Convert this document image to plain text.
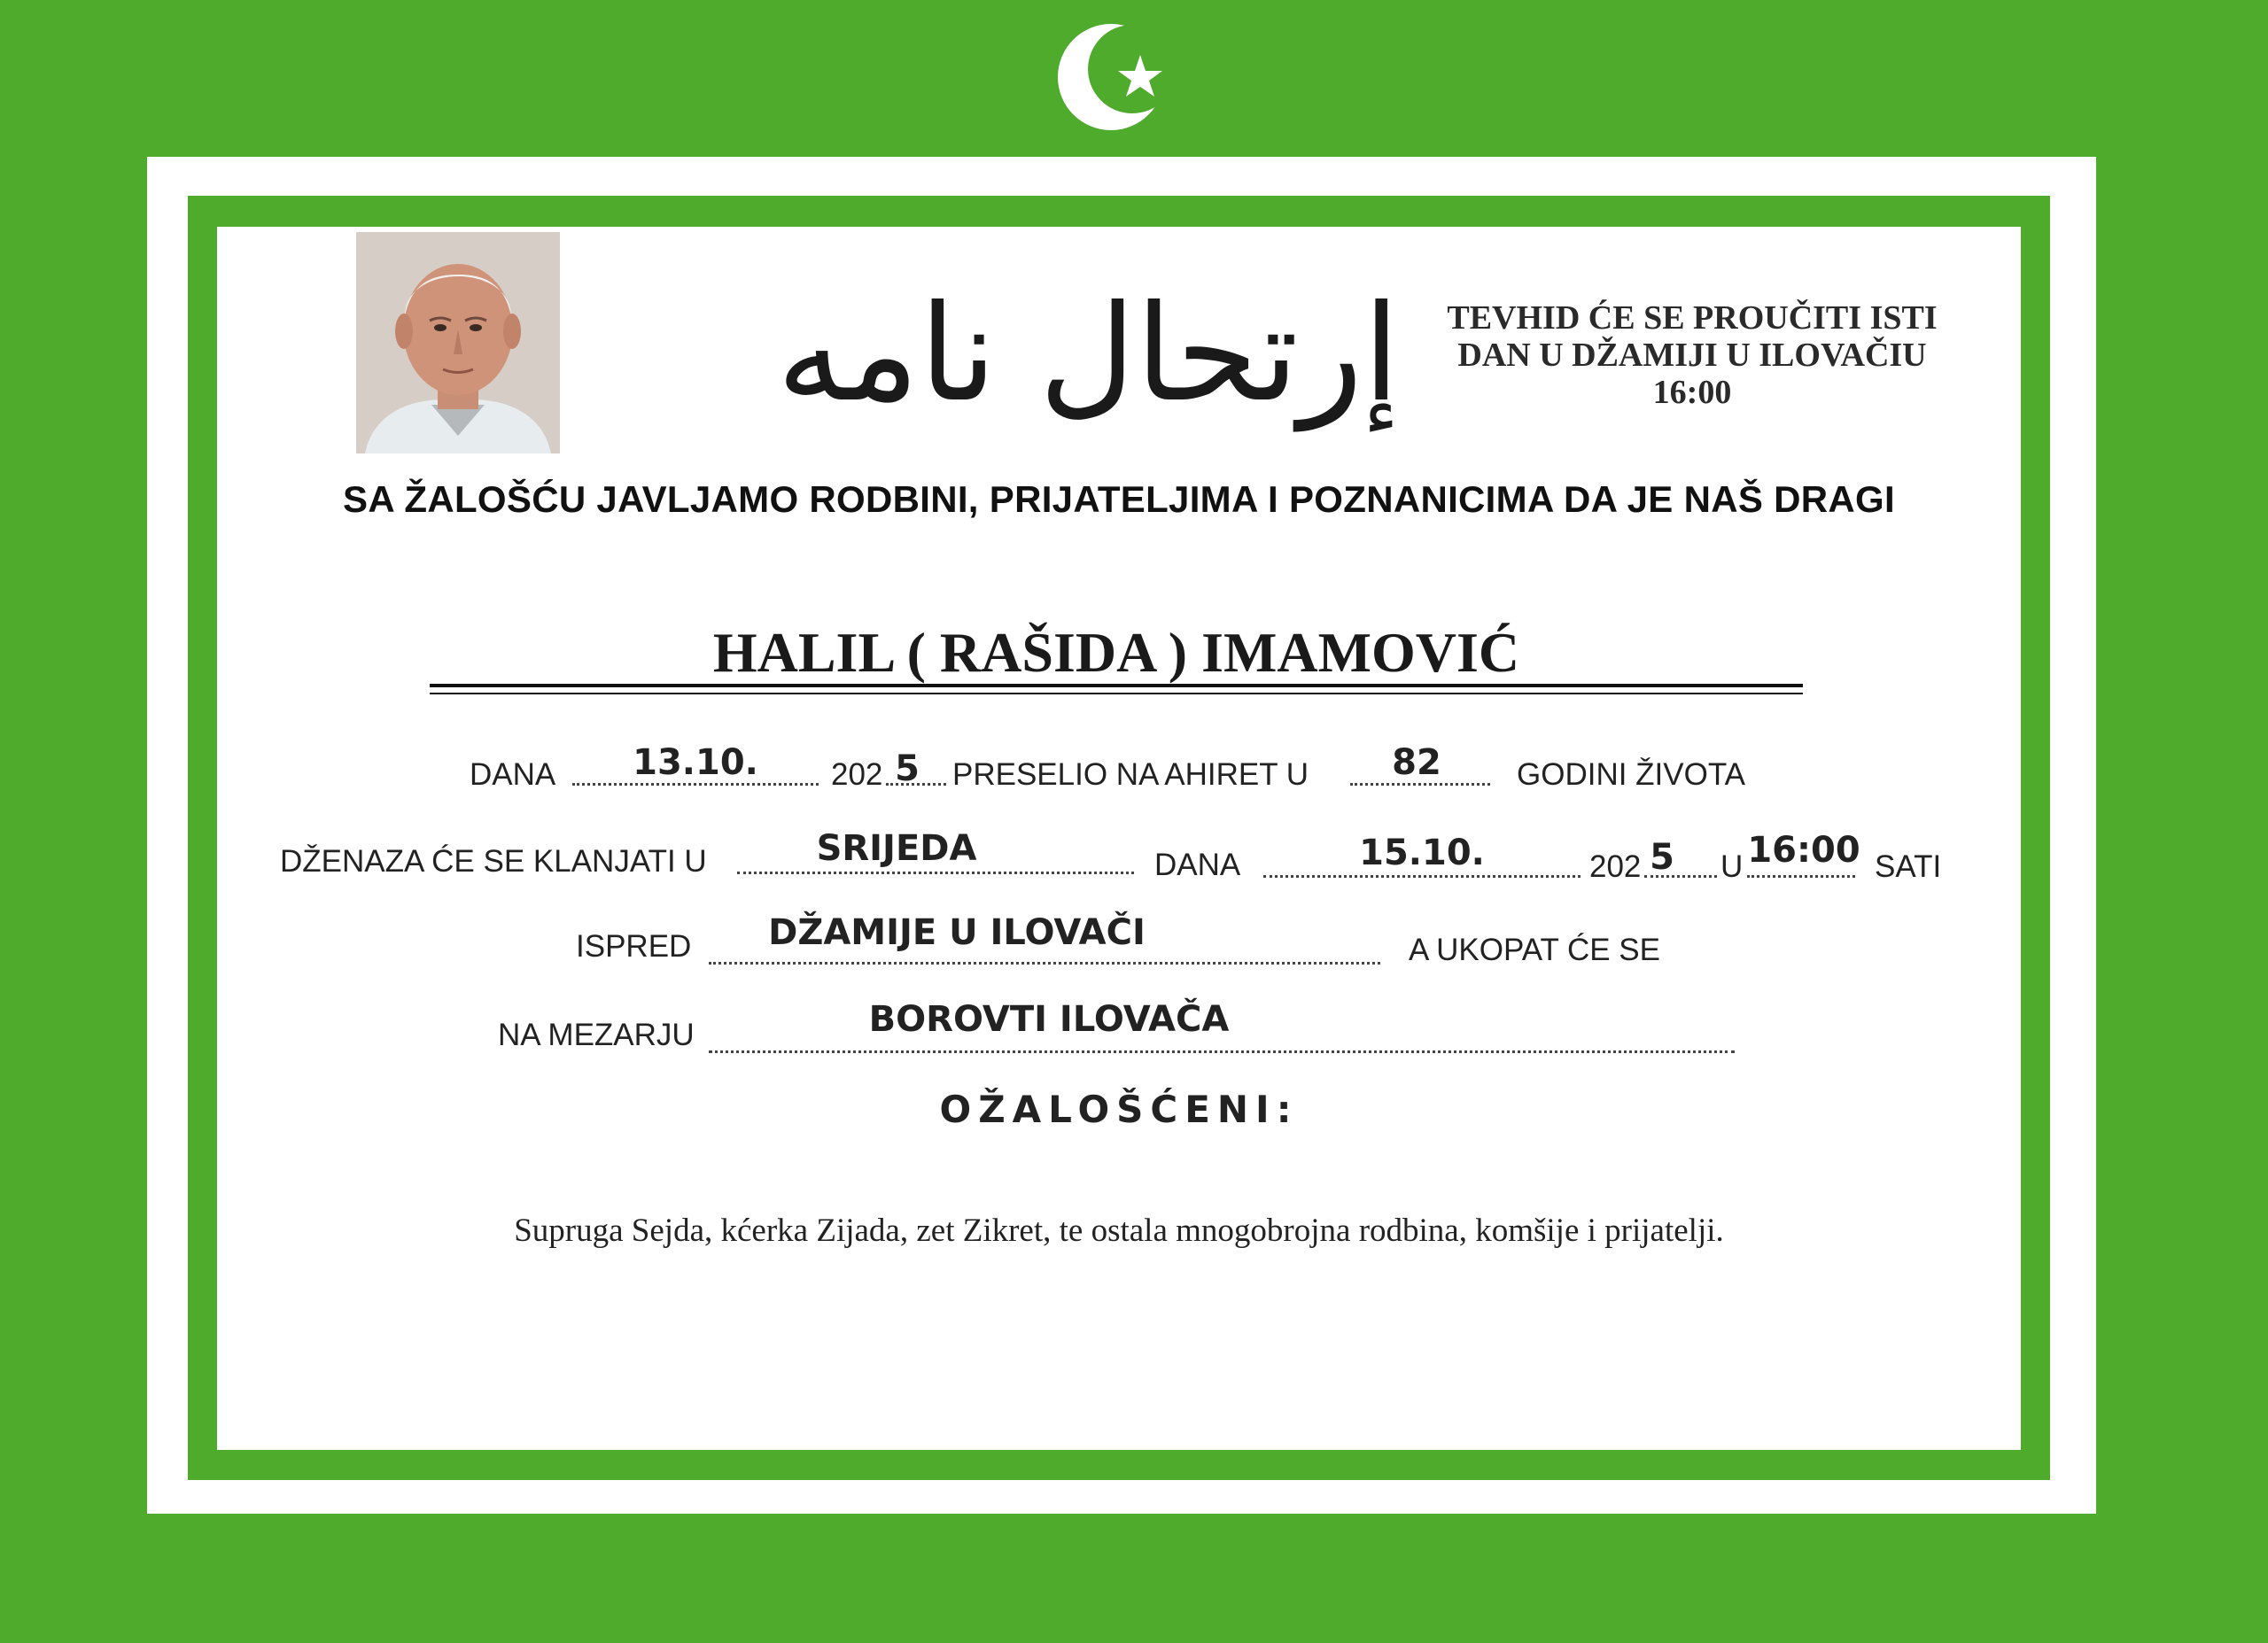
إرتحال نامه	TEVHID ĆE SE PROUČITI ISTI
DAN U DŽAMIJI U ILOVAČIU
16:00
SA ŽALOŠĆU JAVLJAMO RODBINI, PRIJATELJIMA I POZNANICIMA DA JE NAŠ DRAGI
HALIL ( RAŠIDA ) IMAMOVIĆ
DANA	13.10.	202 5 PRESELIO NA AHIRET U	82	GODINI ŽIVOTA
DŽENAZA ĆE SE KLANJATI U	SRIJEDA	DANA	15.10.	202 5 U 16:00 SATI
ISPRED	DŽAMIJE U ILOVAČI	A UKOPAT ĆE SE
NA MEZARJU	BOROVTI ILOVAČA
OŽALOŠĆENI:
Supruga Sejda, kćerka Zijada, zet Zikret, te ostala mnogobrojna rodbina, komšije i prijatelji.
